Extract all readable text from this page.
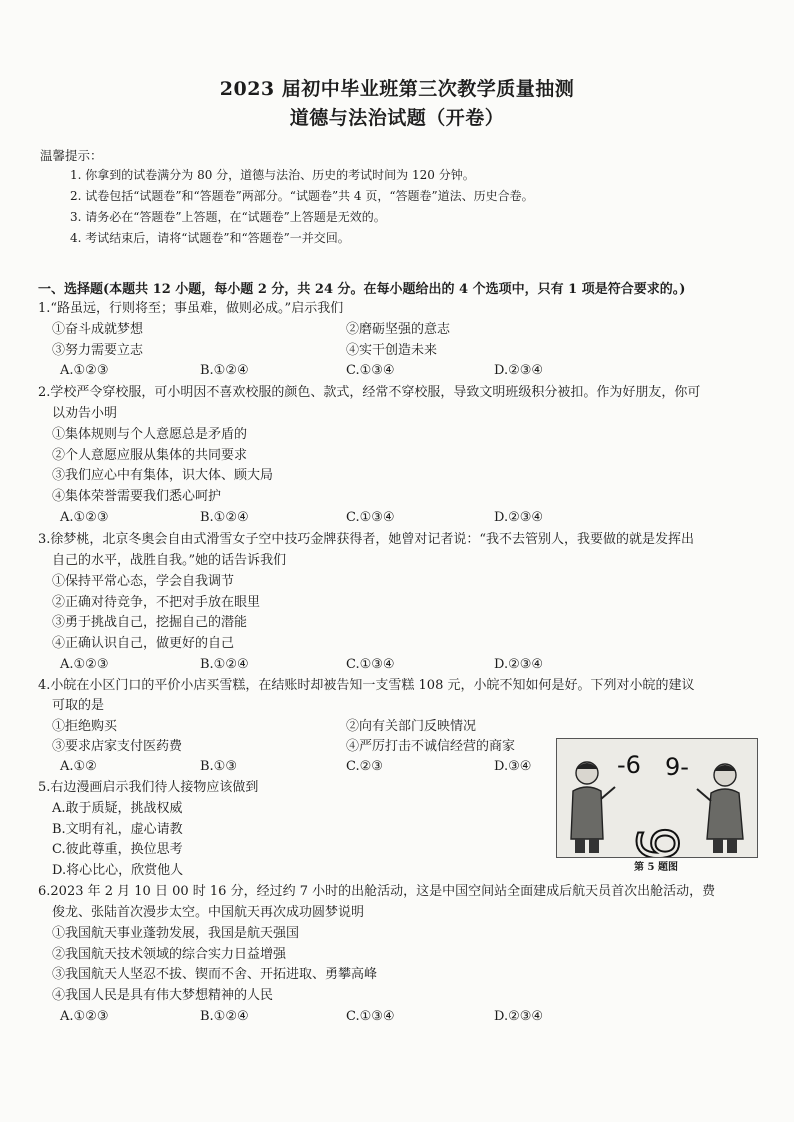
2023 届初中毕业班第三次教学质量抽测
道德与法治试题（开卷）
温馨提示：
1. 你拿到的试卷满分为 80 分，道德与法治、历史的考试时间为 120 分钟。
2. 试卷包括“试题卷”和“答题卷”两部分。“试题卷”共 4 页，“答题卷”道法、历史合卷。
3. 请务必在“答题卷”上答题，在“试题卷”上答题是无效的。
4. 考试结束后，请将“试题卷”和“答题卷”一并交回。
一、选择题(本题共 12 小题，每小题 2 分，共 24 分。在每小题给出的 4 个选项中，只有 1 项是符合要求的。)
1.“路虽远，行则将至；事虽难，做则必成。”启示我们
①奋斗成就梦想	②磨砺坚强的意志
③努力需要立志	④实干创造未来
A.①②③	B.①②④	C.①③④	D.②③④
2.学校严令穿校服，可小明因不喜欢校服的颜色、款式，经常不穿校服，导致文明班级积分被扣。作为好朋友，你可
以劝告小明
①集体规则与个人意愿总是矛盾的
②个人意愿应服从集体的共同要求
③我们应心中有集体，识大体、顾大局
④集体荣誉需要我们悉心呵护
A.①②③	B.①②④	C.①③④	D.②③④
3.徐梦桃，北京冬奥会自由式滑雪女子空中技巧金牌获得者，她曾对记者说：“我不去管别人，我要做的就是发挥出
自己的水平，战胜自我。”她的话告诉我们
①保持平常心态，学会自我调节
②正确对待竞争，不把对手放在眼里
③勇于挑战自己，挖掘自己的潜能
④正确认识自己，做更好的自己
A.①②③	B.①②④	C.①③④	D.②③④
4.小皖在小区门口的平价小店买雪糕，在结账时却被告知一支雪糕 108 元，小皖不知如何是好。下列对小皖的建议
可取的是
①拒绝购买	②向有关部门反映情况
③要求店家支付医药费	④严厉打击不诚信经营的商家
A.①②	B.①③	C.②③	D.③④
5.右边漫画启示我们待人接物应该做到
A.敢于质疑，挑战权威
B.文明有礼，虚心请教
C.彼此尊重，换位思考
D.将心比心，欣赏他人
-6 9-
6
第 5 题图
6.2023 年 2 月 10 日 00 时 16 分，经过约 7 小时的出舱活动，这是中国空间站全面建成后航天员首次出舱活动，费
俊龙、张陆首次漫步太空。中国航天再次成功圆梦说明
①我国航天事业蓬勃发展，我国是航天强国
②我国航天技术领域的综合实力日益增强
③我国航天人坚忍不拔、锲而不舍、开拓进取、勇攀高峰
④我国人民是具有伟大梦想精神的人民
A.①②③	B.①②④	C.①③④	D.②③④
